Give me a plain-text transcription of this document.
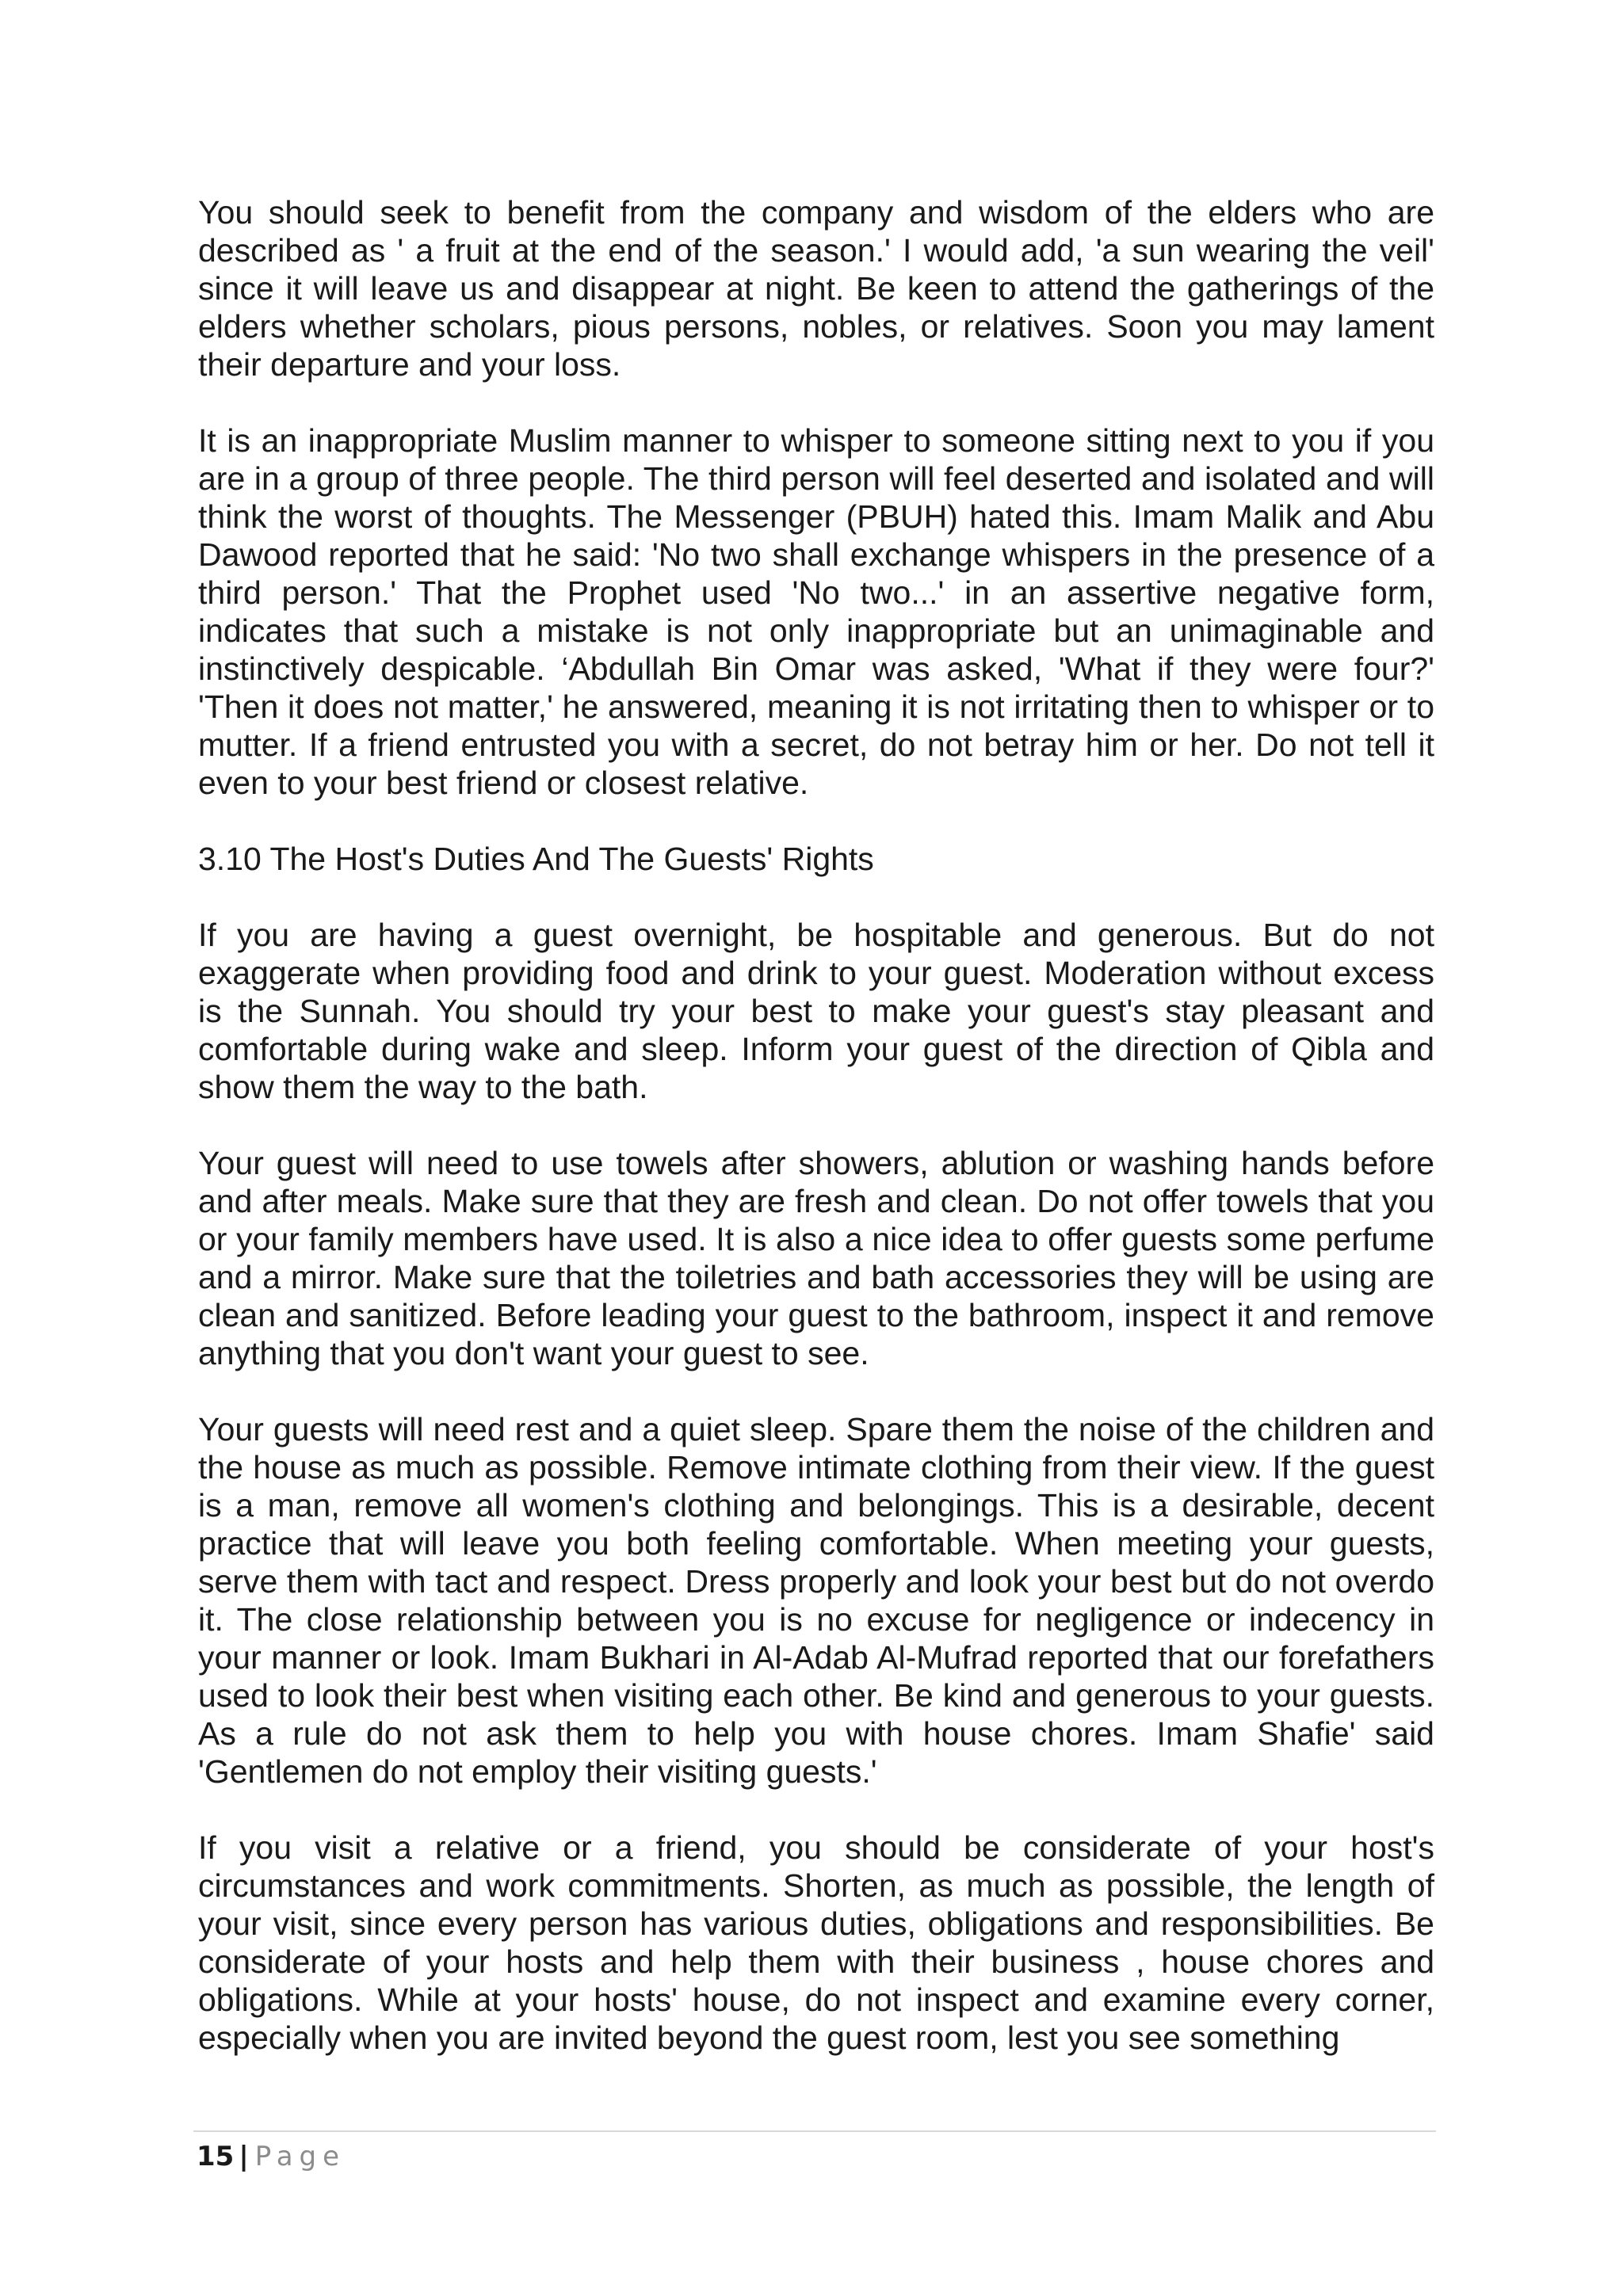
You should seek to benefit from the company and wisdom of the elders who are described as ' a fruit at the end of the season.' I would add, 'a sun wearing the veil' since it will leave us and disappear at night. Be keen to attend the gatherings of the elders whether scholars, pious persons, nobles, or relatives. Soon you may lament their departure and your loss.

It is an inappropriate Muslim manner to whisper to someone sitting next to you if you are in a group of three people. The third person will feel deserted and isolated and will think the worst of thoughts. The Messenger (PBUH) hated this. Imam Malik and Abu Dawood reported that he said: 'No two shall exchange whispers in the presence of a third person.' That the Prophet used 'No two...' in an assertive negative form, indicates that such a mistake is not only inappropriate but an unimaginable and instinctively despicable. ‘Abdullah Bin Omar was asked, 'What if they were four?' 'Then it does not matter,' he answered, meaning it is not irritating then to whisper or to mutter. If a friend entrusted you with a secret, do not betray him or her. Do not tell it even to your best friend or closest relative.

3.10 The Host's Duties And The Guests' Rights

If you are having a guest overnight, be hospitable and generous. But do not exaggerate when providing food and drink to your guest. Moderation without excess is the Sunnah. You should try your best to make your guest's stay pleasant and comfortable during wake and sleep. Inform your guest of the direction of Qibla and show them the way to the bath.

Your guest will need to use towels after showers, ablution or washing hands before and after meals. Make sure that they are fresh and clean. Do not offer towels that you or your family members have used. It is also a nice idea to offer guests some perfume and a mirror. Make sure that the toiletries and bath accessories they will be using are clean and sanitized. Before leading your guest to the bathroom, inspect it and remove anything that you don't want your guest to see.

Your guests will need rest and a quiet sleep. Spare them the noise of the children and the house as much as possible. Remove intimate clothing from their view. If the guest is a man, remove all women's clothing and belongings. This is a desirable, decent practice that will leave you both feeling comfortable. When meeting your guests, serve them with tact and respect. Dress properly and look your best but do not overdo it. The close relationship between you is no excuse for negligence or indecency in your manner or look. Imam Bukhari in Al-Adab Al-Mufrad reported that our forefathers used to look their best when visiting each other. Be kind and generous to your guests. As a rule do not ask them to help you with house chores. Imam Shafie' said 'Gentlemen do not employ their visiting guests.'

If you visit a relative or a friend, you should be considerate of your host's circumstances and work commitments. Shorten, as much as possible, the length of your visit, since every person has various duties, obligations and responsibilities. Be considerate of your hosts and help them with their business , house chores and obligations. While at your hosts' house, do not inspect and examine every corner, especially when you are invited beyond the guest room, lest you see something

15 | Page
